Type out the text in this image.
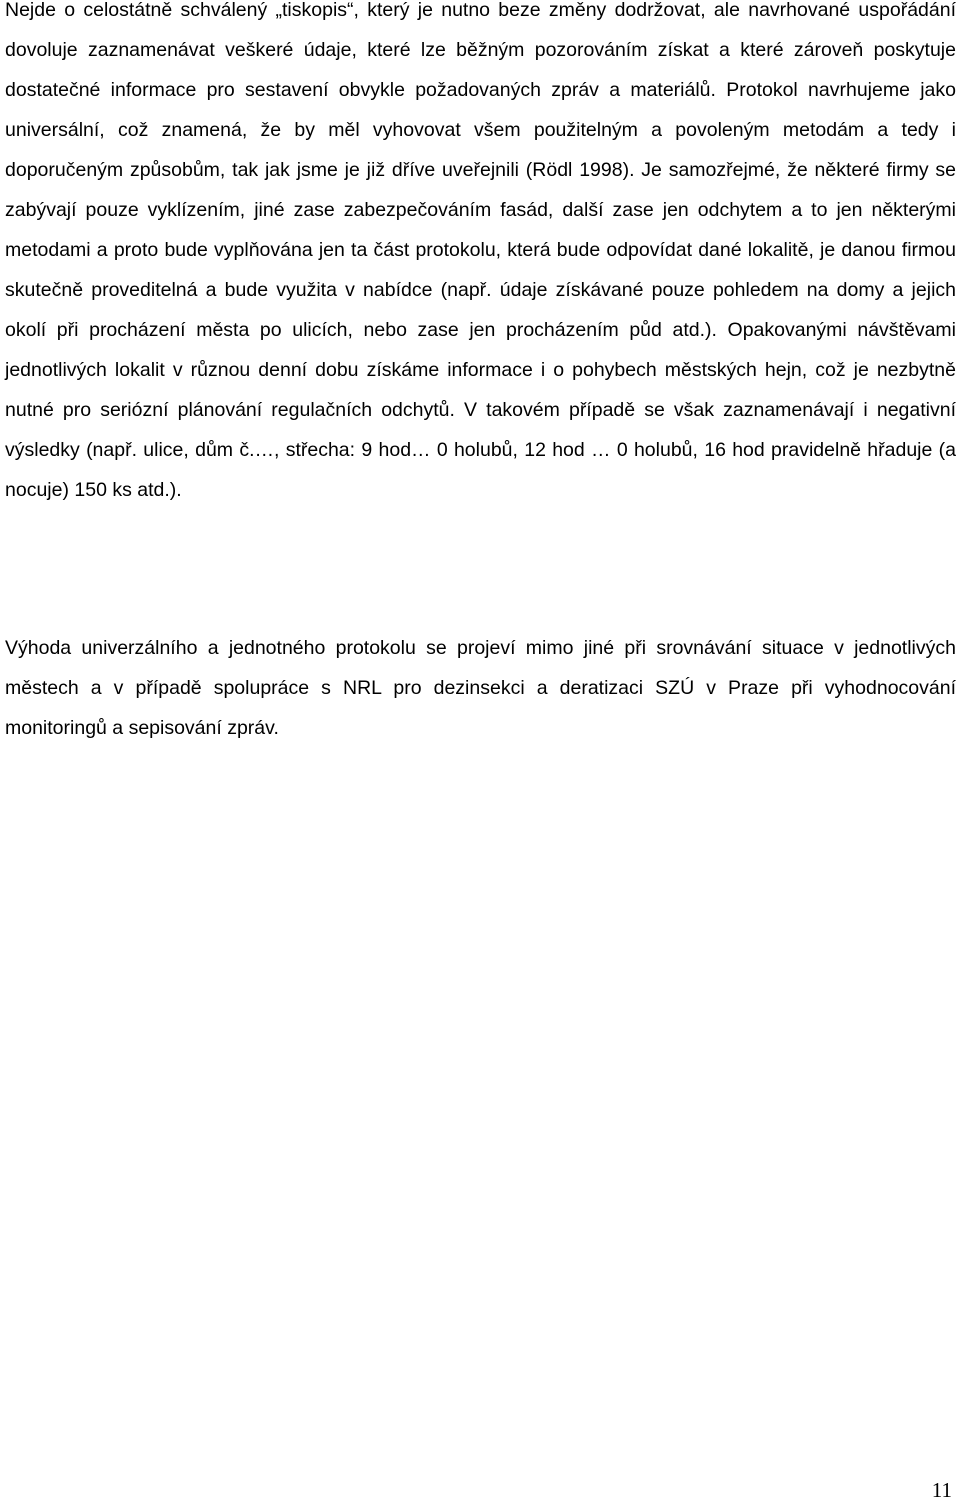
Nejde o celostátně schválený „tiskopis“, který je nutno beze změny dodržovat, ale navrhované uspořádání dovoluje zaznamenávat veškeré údaje, které lze běžným pozorováním získat a které zároveň poskytuje dostatečné informace pro sestavení obvykle požadovaných zpráv a materiálů. Protokol navrhujeme jako universální, což znamená, že by měl vyhovovat všem použitelným a povoleným metodám a tedy i doporučeným způsobům, tak jak jsme je již dříve uveřejnili (Rödl 1998). Je samozřejmé, že některé firmy se zabývají pouze vyklízením, jiné zase zabezpečováním fasád, další zase jen odchytem a to jen některými metodami a proto bude vyplňována jen ta část protokolu, která bude odpovídat dané lokalitě, je danou firmou skutečně proveditelná a bude využita v nabídce (např. údaje získávané pouze pohledem na domy a jejich okolí při procházení města po ulicích, nebo zase jen procházením půd atd.). Opakovanými návštěvami jednotlivých lokalit v různou denní dobu získáme informace i o pohybech městských hejn, což je nezbytně nutné pro seriózní plánování regulačních odchytů. V takovém případě se však zaznamenávají i negativní výsledky (např. ulice, dům č.…, střecha: 9 hod… 0 holubů, 12 hod … 0 holubů, 16 hod pravidelně hřaduje (a nocuje) 150 ks atd.).

Výhoda univerzálního a jednotného protokolu se projeví mimo jiné při srovnávání situace v jednotlivých městech a v případě spolupráce s NRL pro dezinsekci a deratizaci SZÚ v Praze při vyhodnocování monitoringů a sepisování zpráv.

11
